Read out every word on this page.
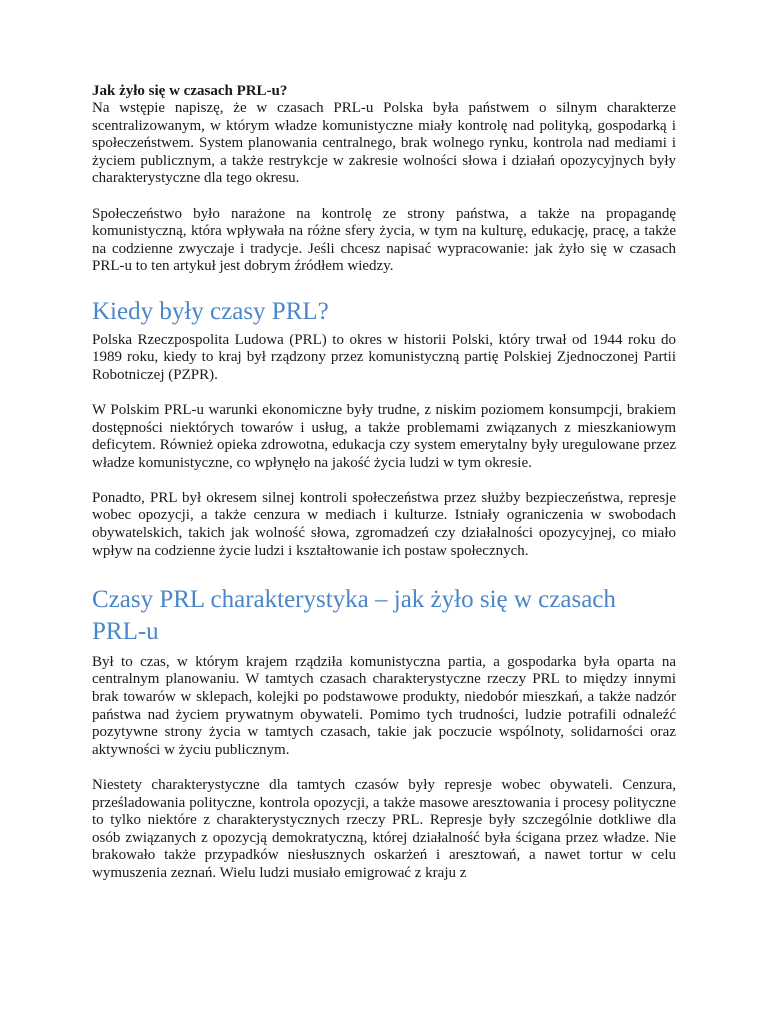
Jak żyło się w czasach PRL-u?

Na wstępie napiszę, że w czasach PRL-u Polska była państwem o silnym charakterze scentralizowanym, w którym władze komunistyczne miały kontrolę nad polityką, gospodarką i społeczeństwem. System planowania centralnego, brak wolnego rynku, kontrola nad mediami i życiem publicznym, a także restrykcje w zakresie wolności słowa i działań opozycyjnych były charakterystyczne dla tego okresu.

Społeczeństwo było narażone na kontrolę ze strony państwa, a także na propagandę komunistyczną, która wpływała na różne sfery życia, w tym na kulturę, edukację, pracę, a także na codzienne zwyczaje i tradycje. Jeśli chcesz napisać wypracowanie: jak żyło się w czasach PRL-u to ten artykuł jest dobrym źródłem wiedzy.

Kiedy były czasy PRL?

Polska Rzeczpospolita Ludowa (PRL) to okres w historii Polski, który trwał od 1944 roku do 1989 roku, kiedy to kraj był rządzony przez komunistyczną partię Polskiej Zjednoczonej Partii Robotniczej (PZPR).

W Polskim PRL-u warunki ekonomiczne były trudne, z niskim poziomem konsumpcji, brakiem dostępności niektórych towarów i usług, a także problemami związanych z mieszkaniowym deficytem. Również opieka zdrowotna, edukacja czy system emerytalny były uregulowane przez władze komunistyczne, co wpłynęło na jakość życia ludzi w tym okresie.

Ponadto, PRL był okresem silnej kontroli społeczeństwa przez służby bezpieczeństwa, represje wobec opozycji, a także cenzura w mediach i kulturze. Istniały ograniczenia w swobodach obywatelskich, takich jak wolność słowa, zgromadzeń czy działalności opozycyjnej, co miało wpływ na codzienne życie ludzi i kształtowanie ich postaw społecznych.

Czasy PRL charakterystyka – jak żyło się w czasach PRL-u

Był to czas, w którym krajem rządziła komunistyczna partia, a gospodarka była oparta na centralnym planowaniu. W tamtych czasach charakterystyczne rzeczy PRL to między innymi brak towarów w sklepach, kolejki po podstawowe produkty, niedobór mieszkań, a także nadzór państwa nad życiem prywatnym obywateli. Pomimo tych trudności, ludzie potrafili odnaleźć pozytywne strony życia w tamtych czasach, takie jak poczucie wspólnoty, solidarności oraz aktywności w życiu publicznym.

Niestety charakterystyczne dla tamtych czasów były represje wobec obywateli. Cenzura, prześladowania polityczne, kontrola opozycji, a także masowe aresztowania i procesy polityczne to tylko niektóre z charakterystycznych rzeczy PRL. Represje były szczególnie dotkliwe dla osób związanych z opozycją demokratyczną, której działalność była ścigana przez władze. Nie brakowało także przypadków niesłusznych oskarżeń i aresztowań, a nawet tortur w celu wymuszenia zeznań. Wielu ludzi musiało emigrować z kraju z
